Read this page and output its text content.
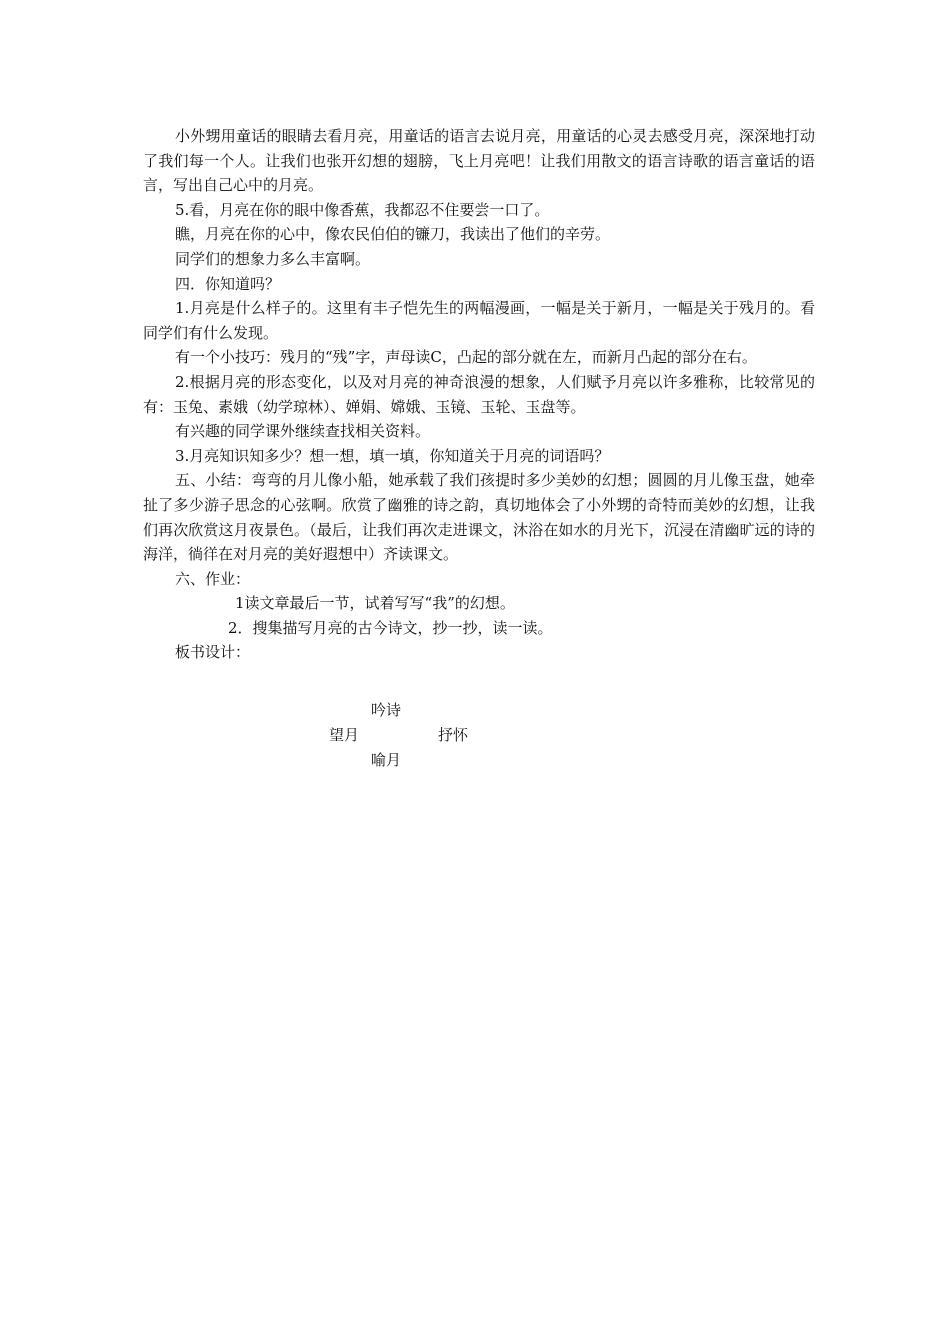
小外甥用童话的眼睛去看月亮，用童话的语言去说月亮，用童话的心灵去感受月亮，深深地打动了我们每一个人。让我们也张开幻想的翅膀，飞上月亮吧！让我们用散文的语言诗歌的语言童话的语言，写出自己心中的月亮。

5.看，月亮在你的眼中像香蕉，我都忍不住要尝一口了。

瞧，月亮在你的心中，像农民伯伯的镰刀，我读出了他们的辛劳。

同学们的想象力多么丰富啊。

四．你知道吗？

1.月亮是什么样子的。这里有丰子恺先生的两幅漫画，一幅是关于新月，一幅是关于残月的。看同学们有什么发现。

有一个小技巧：残月的“残”字，声母读C，凸起的部分就在左，而新月凸起的部分在右。

2.根据月亮的形态变化，以及对月亮的神奇浪漫的想象，人们赋予月亮以许多雅称，比较常见的有：玉兔、素娥（幼学琼林）、婵娟、嫦娥、玉镜、玉轮、玉盘等。

有兴趣的同学课外继续查找相关资料。

3.月亮知识知多少？想一想，填一填，你知道关于月亮的词语吗？

五、小结：弯弯的月儿像小船，她承载了我们孩提时多少美妙的幻想；圆圆的月儿像玉盘，她牵扯了多少游子思念的心弦啊。欣赏了幽雅的诗之韵，真切地体会了小外甥的奇特而美妙的幻想，让我们再次欣赏这月夜景色。（最后，让我们再次走进课文，沐浴在如水的月光下，沉浸在清幽旷远的诗的海洋，徜徉在对月亮的美好遐想中）齐读课文。

六、作业：

1读文章最后一节，试着写写“我”的幻想。

2．搜集描写月亮的古今诗文，抄一抄，读一读。

板书设计：

吟诗
望月	抒怀
喻月
